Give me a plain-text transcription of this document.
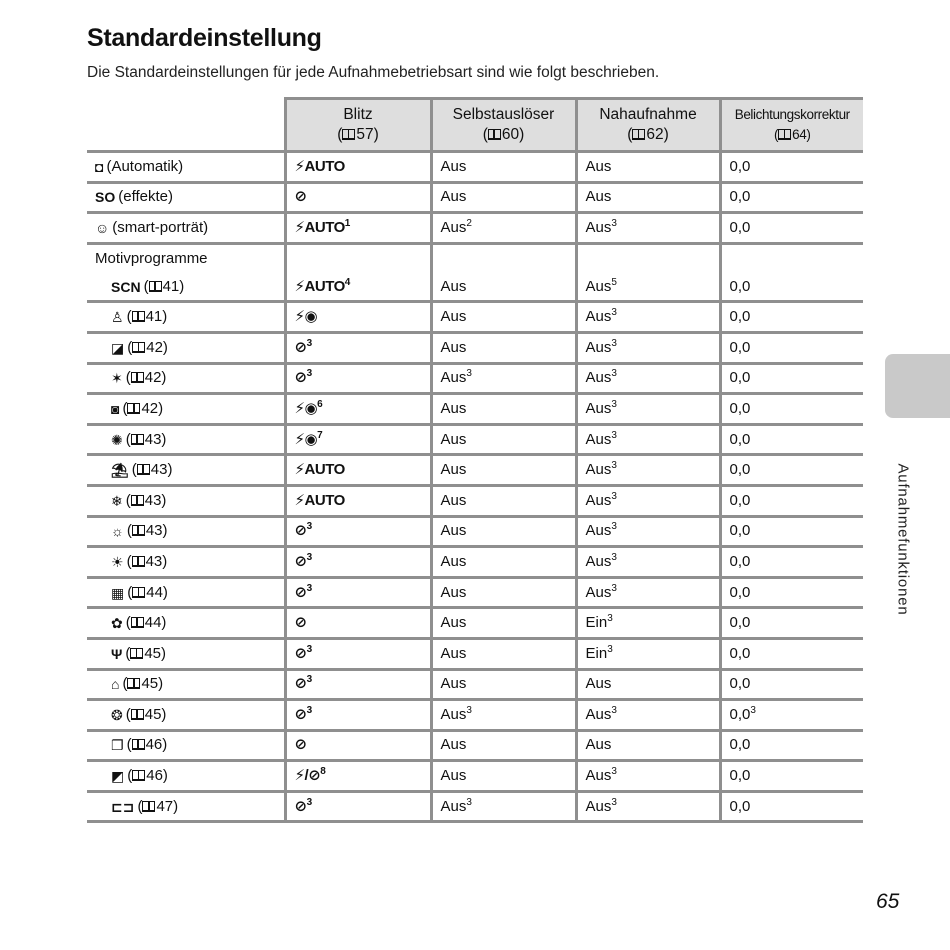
Standardeinstellung
Die Standardeinstellungen für jede Aufnahmebetriebsart sind wie folgt beschrieben.
	Blitz
( 57)	Selbstauslöser
( 60)	Nahaufnahme
( 62)	Belichtungskorrektur
( 64)
◘ (Automatik)	⚡AUTO	Aus	Aus	0,0
SO (effekte)	⊘	Aus	Aus	0,0
☺ (smart-porträt)	⚡AUTO$^1$	Aus$^2$	Aus$^3$	0,0
Motivprogramme				
SCN ( 41)	⚡AUTO$^4$	Aus	Aus$^5$	0,0
♙ ( 41)	⚡◉	Aus	Aus$^3$	0,0
◪ ( 42)	⊘$^3$	Aus	Aus$^3$	0,0
✶ ( 42)	⊘$^3$	Aus$^3$	Aus$^3$	0,0
◙ ( 42)	⚡◉$^6$	Aus	Aus$^3$	0,0
✺ ( 43)	⚡◉$^7$	Aus	Aus$^3$	0,0
⛱ ( 43)	⚡AUTO	Aus	Aus$^3$	0,0
❄ ( 43)	⚡AUTO	Aus	Aus$^3$	0,0
☼ ( 43)	⊘$^3$	Aus	Aus$^3$	0,0
☀ ( 43)	⊘$^3$	Aus	Aus$^3$	0,0
▦ ( 44)	⊘$^3$	Aus	Aus$^3$	0,0
✿ ( 44)	⊘	Aus	Ein$^3$	0,0
Ψ ( 45)	⊘$^3$	Aus	Ein$^3$	0,0
⌂ ( 45)	⊘$^3$	Aus	Aus	0,0
❂ ( 45)	⊘$^3$	Aus$^3$	Aus$^3$	$0,0^3$
❐ ( 46)	⊘	Aus	Aus	0,0
◩ ( 46)	⚡/⊘$^8$	Aus	Aus$^3$	0,0
⊏⊐ ( 47)	⊘$^3$	Aus$^3$	Aus$^3$	0,0
Aufnahmefunktionen
65
